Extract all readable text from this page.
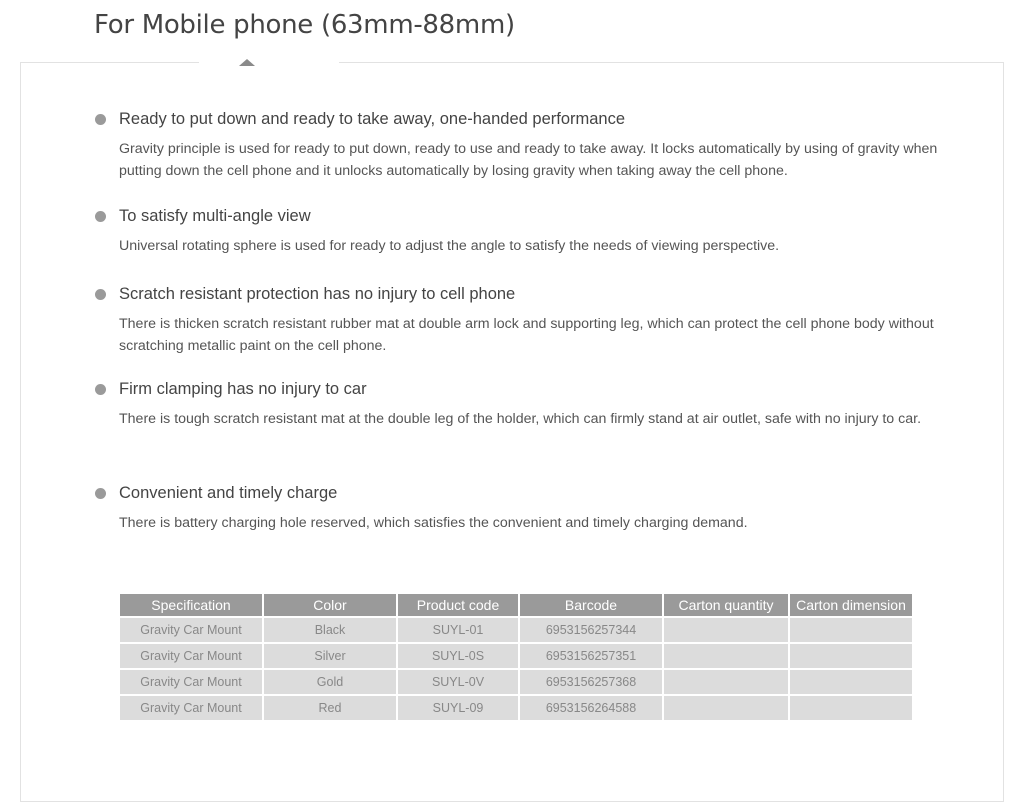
For Mobile phone (63mm-88mm)
Ready to put down and ready to take away, one-handed performance
Gravity principle is used for ready to put down, ready to use and ready to take away. It locks automatically by using of gravity when putting down the cell phone and it unlocks automatically by losing gravity when taking away the cell phone.
To satisfy multi-angle view
Universal rotating sphere is used for ready to adjust the angle to satisfy the needs of viewing perspective.
Scratch resistant protection has no injury to cell phone
There is thicken scratch resistant rubber mat at double arm lock and supporting leg, which can protect the cell phone body without scratching metallic paint on the cell phone.
Firm clamping has no injury to car
There is tough scratch resistant mat at the double leg of the holder, which can firmly stand at air outlet, safe with no injury to car.
Convenient and timely charge
There is battery charging hole reserved, which satisfies the convenient and timely charging demand.
Specification	Color	Product code	Barcode	Carton quantity	Carton dimension
Gravity Car Mount	Black	SUYL-01	6953156257344		
Gravity Car Mount	Silver	SUYL-0S	6953156257351		
Gravity Car Mount	Gold	SUYL-0V	6953156257368		
Gravity Car Mount	Red	SUYL-09	6953156264588		
